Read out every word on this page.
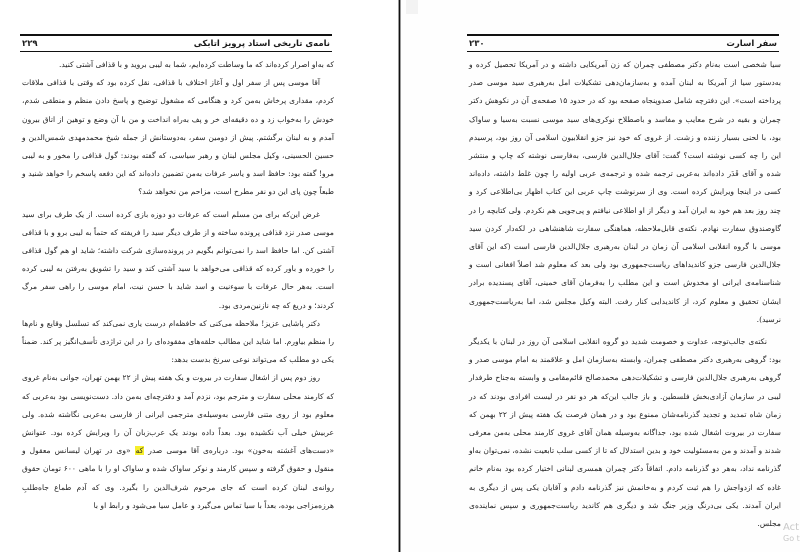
نامه‌ی تاریخی استاد پرویز اتابکی
۲۲۹

که به‌او اصرار کرده‌اند که ما وساطت کرده‌ایم، شما به لیبی بروید و با قذافی آشتی کنید.

آقا موسی پس از سفر اول و آغاز اختلاف با قذافی، نقل کرده بود که وقتی با قذافی ملاقات کردم، مقداری پرخاش به‌من کرد و هنگامی که مشغول توضیح و پاسخ دادن منظم و منطقی شدم، خودش را به‌خواب زد و ده دقیقه‌ای خر و پف به‌راه انداخت و من با آن وضع و توهین از اتاق بیرون آمدم و به لبنان برگشتم. پیش از دومین سفر، به‌دوستانش از جمله شیخ محمدمهدی شمس‌الدین و حسین الحسینی، وکیل مجلس لبنان و رهبر سیاسی، که گفته بودند: گول قذافی را مخور و به لیبی مرو! گفته بود: حافظ اسد و یاسر عرفات به‌من تضمین داده‌اند که این دفعه پاسخم را خواهد شنید و طبعاً چون پای این دو نفر مطرح است، مزاحم من نخواهد شد؟

غرض این‌که برای من مسلم است که عرفات دو دوزه بازی کرده است. از یک طرف برای سید موسی صدر نزد قذافی پرونده ساخته و از طرف دیگر سید را فریفته که حتماً به لیبی برو و با قذافی آشتی کن. اما حافظ اسد را نمی‌توانم بگویم در پرونده‌سازی شرکت داشته؛ شاید او هم گول قذافی را خورده و باور کرده که قذافی می‌خواهد با سید آشتی کند و سید را تشویق به‌رفتن به لیبی کرده است. به‌هر حال عرفات با سوءنیت و اسد شاید با حسن نیت، امام موسی را راهی سفر مرگ کردند؛ و دریغ که چه نازنین‌مردی بود.

دکتر پاشایی عزیز! ملاحظه می‌کنی که حافظه‌ام درست یاری نمی‌کند که تسلسل وقایع و نام‌ها را منظم بیاورم. اما شاید این مطالب حلقه‌های مفقوده‌ای را در این تراژدی تأسف‌انگیز پر کند. ضمناً یکی دو مطلب که می‌تواند نوعی سرنخ بدست بدهد:

روز دوم پس از اشغال سفارت در بیروت و یک هفته پیش از ۲۲ بهمن تهران، جوانی به‌نام غروی که کارمند محلی سفارت و مترجم بود، نزدم آمد و دفترچه‌ای به‌من داد. دست‌نویسی بود به‌عربی که معلوم بود از روی متنی فارسی به‌وسیله‌ی مترجمی ایرانی از فارسی به‌عربی نگاشته شده. ولی عربیش خیلی آب نکشیده بود. بعداً داده بودند یک عرب‌زبان آن را ویرایش کرده بود. عنوانش «دست‌های آغشته به‌خون» بود. درباره‌ی آقا موسی صدر که «وی در تهران لیسانس معقول و منقول و حقوق گرفته و سپس کارمند و نوکر ساواک شده و ساواک او را با ماهی ۶۰۰ تومان حقوق روانه‌ی لبنان کرده است که جای مرحوم شرف‌الدین را بگیرد. وی که آدم طماع جاه‌طلبِ هرزه‌مزاجی بوده، بعداً با سیا تماس می‌گیرد و عامل سیا می‌شود و رابط او با

سفر اسارت
۲۳۰

سیا شخصی است به‌نام دکتر مصطفی چمران که زن آمریکایی داشته و در آمریکا تحصیل کرده و به‌دستور سیا از آمریکا به لبنان آمده و به‌سازمان‌دهی تشکیلات امل به‌رهبری سید موسی صدر پرداخته است». این دفترچه شامل صدوپنجاه صفحه بود که در حدود ۱۵ صفحه‌ی آن در نکوهش دکتر چمران و بقیه در شرح معایب و مفاسد و باصطلاح نوکری‌های سید موسی نسبت به‌سیا و ساواک بود، با لحنی بسیار زننده و زشت. از غروی که خود نیز جزو انقلابیون اسلامی آن روز بود، پرسیدم این را چه کسی نوشته است؟ گفت: آقای جلال‌الدین فارسی، به‌فارسی نوشته که چاپ و منتشر شده و آقای قَدَر داده‌اند به‌عربی ترجمه شده و ترجمه‌ی عربی اولیه را چون غلط داشته، داده‌اند کسی در اینجا ویرایش کرده است. وی از سرنوشت چاپ عربی این کتاب اظهار بی‌اطلاعی کرد و چند روز بعد هم خود به ایران آمد و دیگر از او اطلاعی نیافتم و پی‌جویی هم نکردم. ولی کتابچه را در گاوصندوق سفارت نهادم. نکته‌ی قابل‌ملاحظه، هماهنگی سفارت شاهنشاهی در لکه‌دار کردن سید موسی با گروه انقلابی اسلامی آن زمان در لبنان به‌رهبری جلال‌الدین فارسی است (که این آقای جلال‌الدین فارسی جزو کاندیداهای ریاست‌جمهوری بود ولی بعد که معلوم شد اصلاً افغانی است و شناسنامه‌ی ایرانی او مخدوش است و این مطلب را به‌فرمان آقای خمینی، آقای پسندیده برادر ایشان تحقیق و معلوم کرد، از کاندیدایی کنار رفت. البته وکیل مجلس شد، اما به‌ریاست‌جمهوری نرسید).

نکته‌ی جالب‌توجه، عداوت و خصومت شدید دو گروه انقلابی اسلامی آن روز در لبنان با یکدیگر بود: گروهی به‌رهبری دکتر مصطفی چمران، وابسته به‌سازمان امل و علاقمند به امام موسی صدر و گروهی به‌رهبری جلال‌الدین فارسی و تشکیلات‌دهی محمدصالح قائم‌مقامی و وابسته به‌جناح طرفدار لیبی در سازمان آزادی‌بخش فلسطین. و باز جالب این‌که هر دو نفر در لیست افرادی بودند که در زمان شاه تمدید و تجدید گذرنامه‌شان ممنوع بود و در همان فرصت یک هفته پیش از ۲۲ بهمن که سفارت در بیروت اشغال شده بود، جداگانه به‌وسیله همان آقای غروی کارمند محلی به‌من معرفی شدند و آمدند و من به‌مسئولیت خود و بدین استدلال که تا از کسی سلب تابعیت نشده، نمی‌توان به‌او گذرنامه نداد، به‌هر دو گذرنامه دادم. اتفاقاً دکتر چمران همسری لبنانی اختیار کرده بود به‌نام خانم غاده که ازدواجش را هم ثبت کردم و به‌خانمش نیز گذرنامه دادم و آقایان یکی پس از دیگری به ایران آمدند. یکی بی‌درنگ وزیر جنگ شد و دیگری هم کاندید ریاست‌جمهوری و سپس نماینده‌ی مجلس. Act
Go t
